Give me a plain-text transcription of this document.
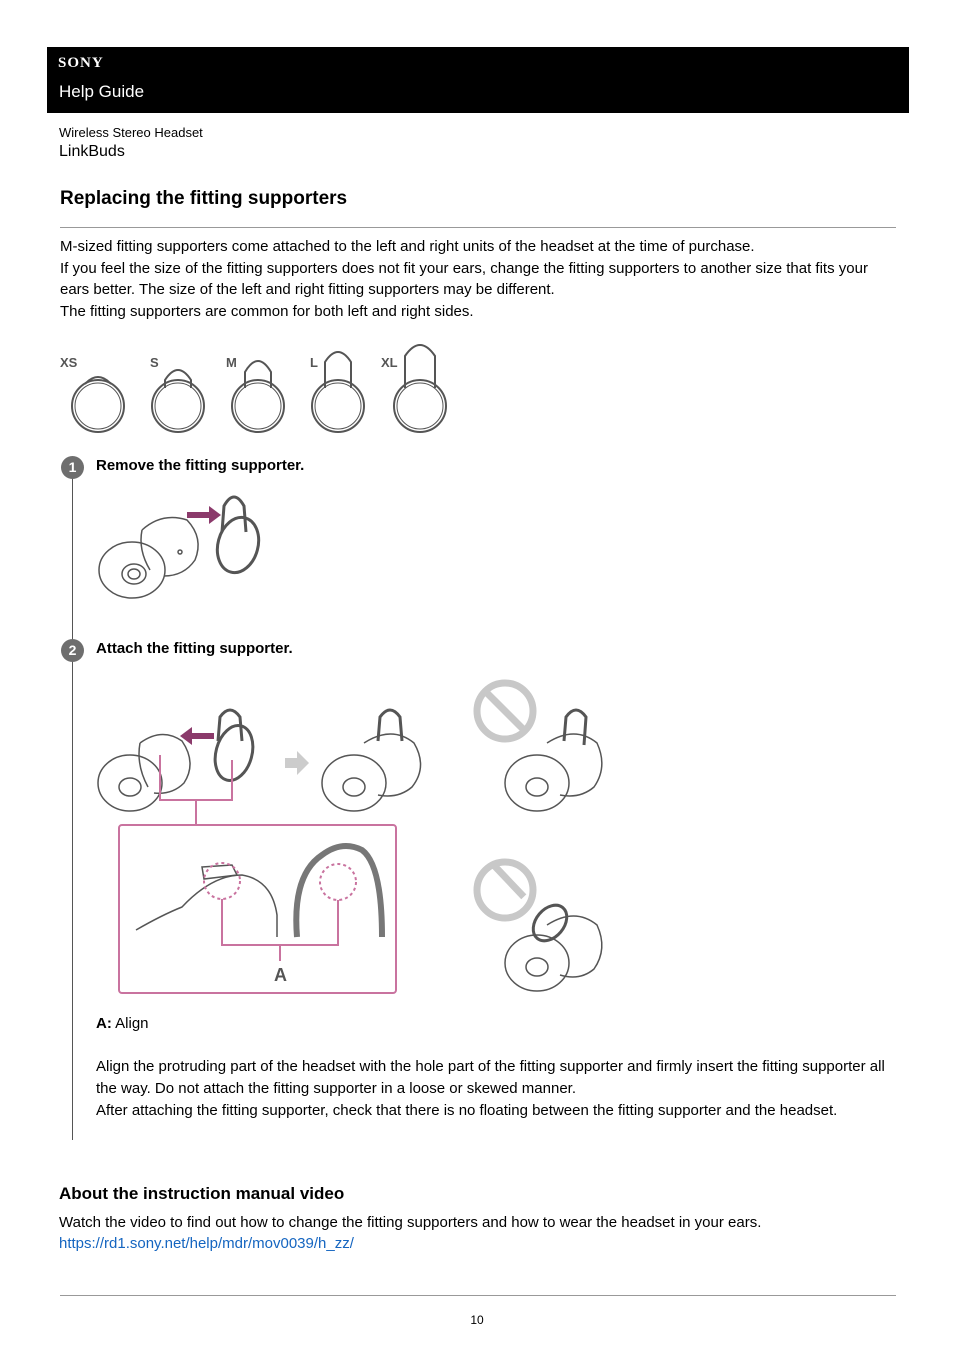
SONY
Help Guide
Wireless Stereo Headset
LinkBuds
Replacing the fitting supporters

M-sized fitting supporters come attached to the left and right units of the headset at the time of purchase.

If you feel the size of the fitting supporters does not fit your ears, change the fitting supporters to another size that fits your ears better. The size of the left and right fitting supporters may be different.

The fitting supporters are common for both left and right sides.

XS	S	M	L	XL
1	Remove the fitting supporter.
2	Attach the fitting supporter.
A
A: Align

Align the protruding part of the headset with the hole part of the fitting supporter and firmly insert the fitting supporter all the way. Do not attach the fitting supporter in a loose or skewed manner.

After attaching the fitting supporter, check that there is no floating between the fitting supporter and the headset.

About the instruction manual video
Watch the video to find out how to change the fitting supporters and how to wear the headset in your ears.
https://rd1.sony.net/help/mdr/mov0039/h_zz/
10
